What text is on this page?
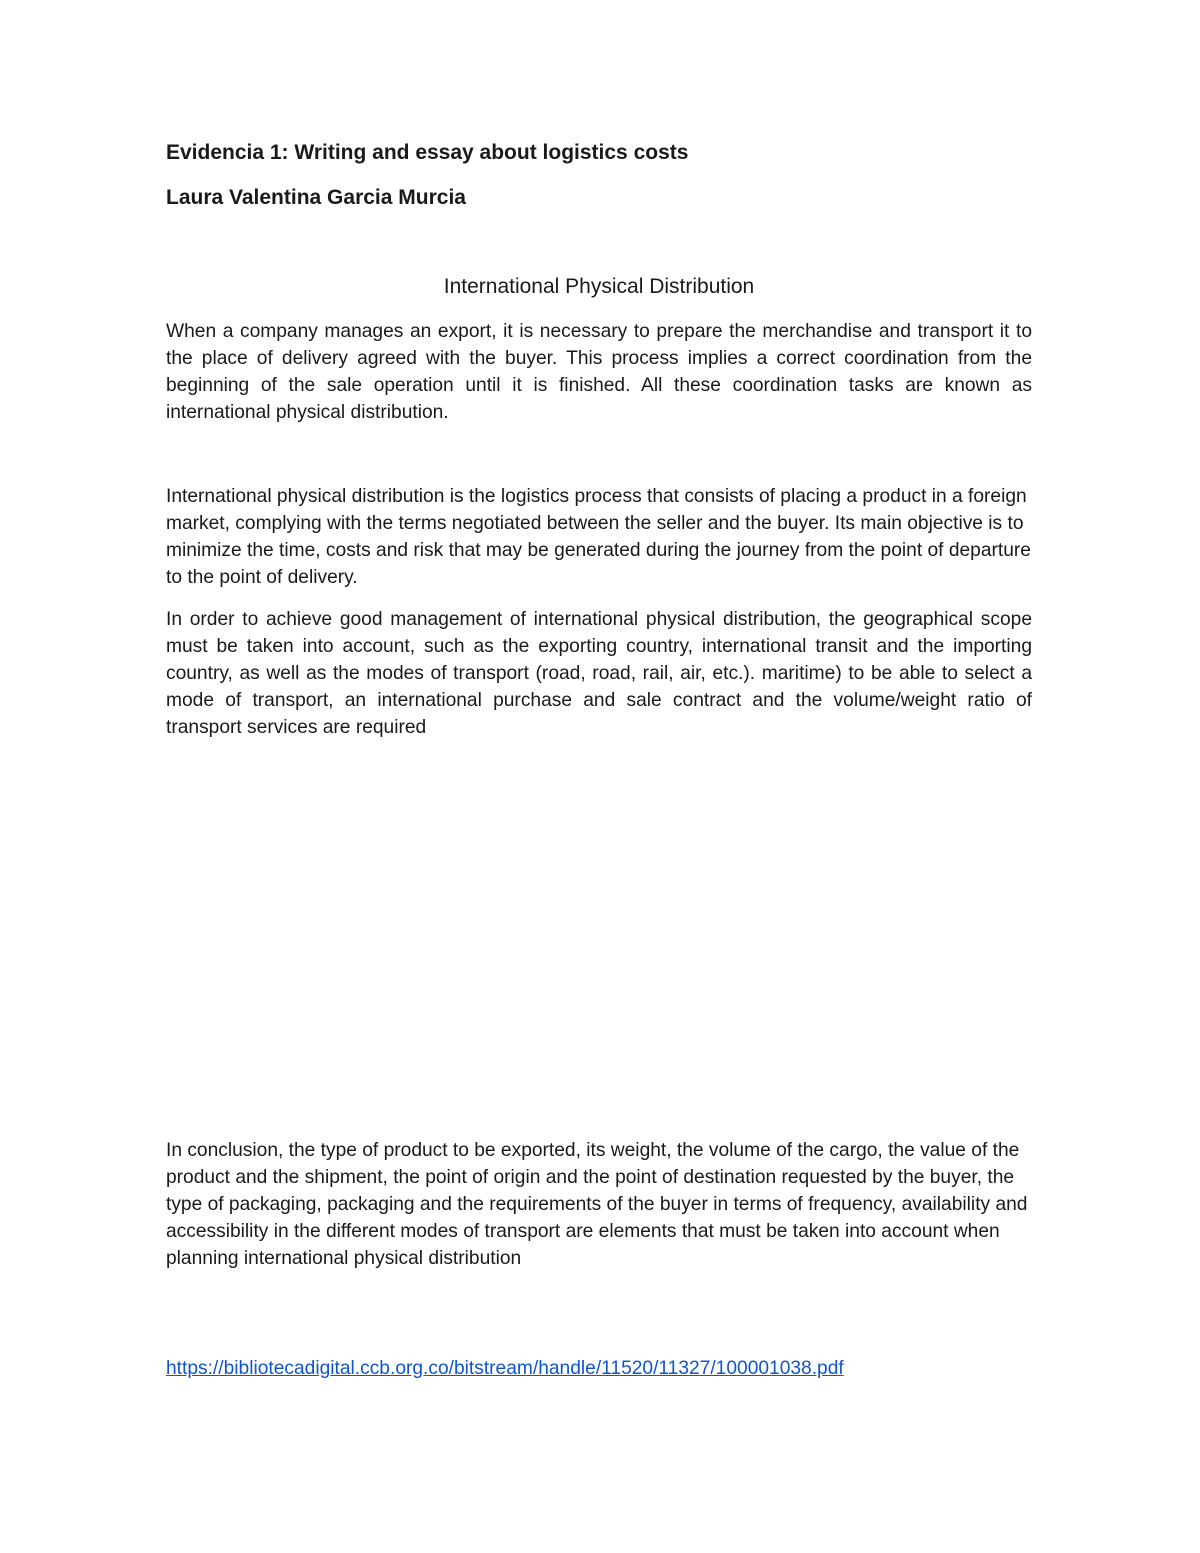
Evidencia 1: Writing and essay about logistics costs

Laura Valentina Garcia Murcia

International Physical Distribution

When a company manages an export, it is necessary to prepare the merchandise and transport it to the place of delivery agreed with the buyer. This process implies a correct coordination from the beginning of the sale operation until it is finished. All these coordination tasks are known as international physical distribution.

International physical distribution is the logistics process that consists of placing a product in a foreign market, complying with the terms negotiated between the seller and the buyer. Its main objective is to minimize the time, costs and risk that may be generated during the journey from the point of departure to the point of delivery.

In order to achieve good management of international physical distribution, the geographical scope must be taken into account, such as the exporting country, international transit and the importing country, as well as the modes of transport (road, road, rail, air, etc.). maritime) to be able to select a mode of transport, an international purchase and sale contract and the volume/weight ratio of transport services are required

In conclusion, the type of product to be exported, its weight, the volume of the cargo, the value of the product and the shipment, the point of origin and the point of destination requested by the buyer, the type of packaging, packaging and the requirements of the buyer in terms of frequency, availability and accessibility in the different modes of transport are elements that must be taken into account when planning international physical distribution

https://bibliotecadigital.ccb.org.co/bitstream/handle/11520/11327/100001038.pdf
